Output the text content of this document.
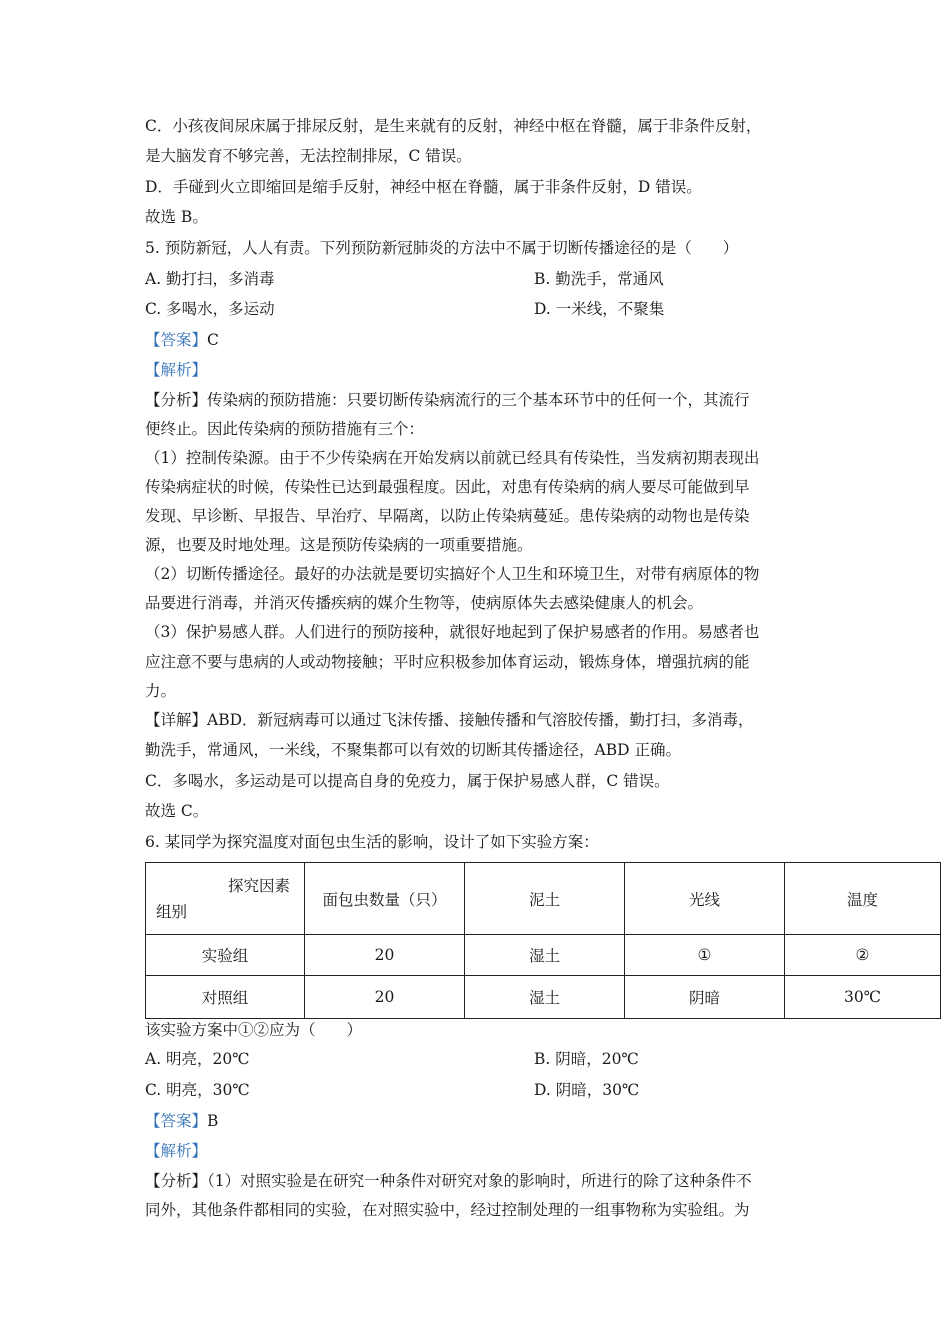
C．小孩夜间尿床属于排尿反射，是生来就有的反射，神经中枢在脊髓，属于非条件反射，
是大脑发育不够完善，无法控制排尿，C 错误。
D．手碰到火立即缩回是缩手反射，神经中枢在脊髓，属于非条件反射，D 错误。
故选 B。
5. 预防新冠，人人有责。下列预防新冠肺炎的方法中不属于切断传播途径的是（　　）
A. 勤打扫，多消毒	B. 勤洗手，常通风
C. 多喝水，多运动	D. 一米线，不聚集
【答案】C
【解析】
【分析】传染病的预防措施：只要切断传染病流行的三个基本环节中的任何一个，其流行
便终止。因此传染病的预防措施有三个：
（1）控制传染源。由于不少传染病在开始发病以前就已经具有传染性，当发病初期表现出
传染病症状的时候，传染性已达到最强程度。因此，对患有传染病的病人要尽可能做到早
发现、早诊断、早报告、早治疗、早隔离，以防止传染病蔓延。患传染病的动物也是传染
源，也要及时地处理。这是预防传染病的一项重要措施。
（2）切断传播途径。最好的办法就是要切实搞好个人卫生和环境卫生，对带有病原体的物
品要进行消毒，并消灭传播疾病的媒介生物等，使病原体失去感染健康人的机会。
（3）保护易感人群。人们进行的预防接种，就很好地起到了保护易感者的作用。易感者也
应注意不要与患病的人或动物接触；平时应积极参加体育运动，锻炼身体，增强抗病的能
力。
【详解】ABD．新冠病毒可以通过飞沫传播、接触传播和气溶胶传播，勤打扫，多消毒，
勤洗手，常通风，一米线，不聚集都可以有效的切断其传播途径，ABD 正确。
C．多喝水，多运动是可以提高自身的免疫力，属于保护易感人群，C 错误。
故选 C。
6. 某同学为探究温度对面包虫生活的影响，设计了如下实验方案：
探究因素
组别	面包虫数量（只）	泥土	光线	温度
实验组	20	湿土	①	②
对照组	20	湿土	阴暗	30℃
该实验方案中①②应为（　　）
A. 明亮，20℃	B. 阴暗，20℃
C. 明亮，30℃	D. 阴暗，30℃
【答案】B
【解析】
【分析】（1）对照实验是在研究一种条件对研究对象的影响时，所进行的除了这种条件不
同外，其他条件都相同的实验，在对照实验中，经过控制处理的一组事物称为实验组。为
